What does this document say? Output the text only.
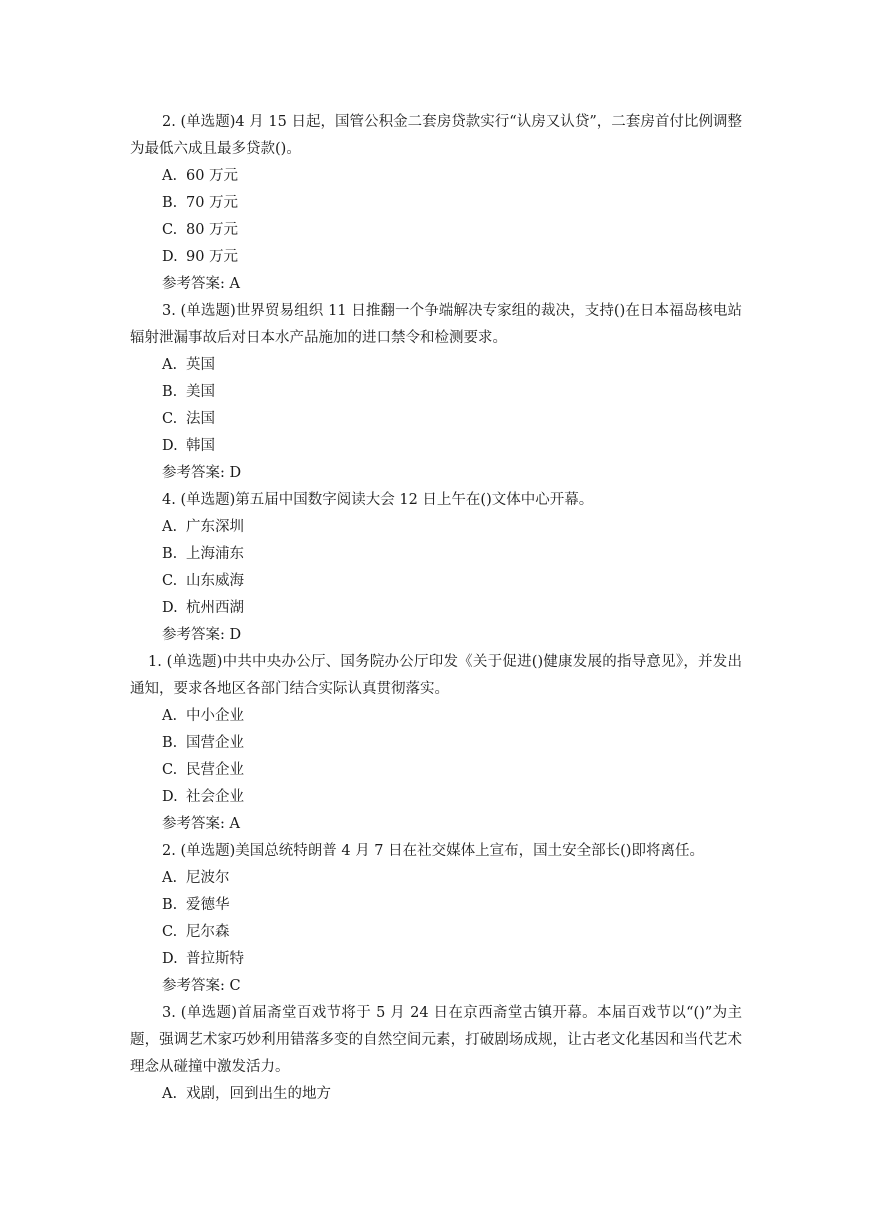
2. (单选题)4 月 15 日起，国管公积金二套房贷款实行“认房又认贷”，二套房首付比例调整为最低六成且最多贷款()。

A. 60 万元
B. 70 万元
C. 80 万元
D. 90 万元
参考答案: A

3. (单选题)世界贸易组织 11 日推翻一个争端解决专家组的裁决，支持()在日本福岛核电站辐射泄漏事故后对日本水产品施加的进口禁令和检测要求。

A. 英国
B. 美国
C. 法国
D. 韩国
参考答案: D

4. (单选题)第五届中国数字阅读大会 12 日上午在()文体中心开幕。

A. 广东深圳
B. 上海浦东
C. 山东威海
D. 杭州西湖
参考答案: D

1. (单选题)中共中央办公厅、国务院办公厅印发《关于促进()健康发展的指导意见》，并发出通知，要求各地区各部门结合实际认真贯彻落实。

A. 中小企业
B. 国营企业
C. 民营企业
D. 社会企业
参考答案: A

2. (单选题)美国总统特朗普 4 月 7 日在社交媒体上宣布，国土安全部长()即将离任。

A. 尼波尔
B. 爱德华
C. 尼尔森
D. 普拉斯特
参考答案: C

3. (单选题)首届斋堂百戏节将于 5 月 24 日在京西斋堂古镇开幕。本届百戏节以“()”为主题，强调艺术家巧妙利用错落多变的自然空间元素，打破剧场成规，让古老文化基因和当代艺术理念从碰撞中激发活力。

A. 戏剧，回到出生的地方
